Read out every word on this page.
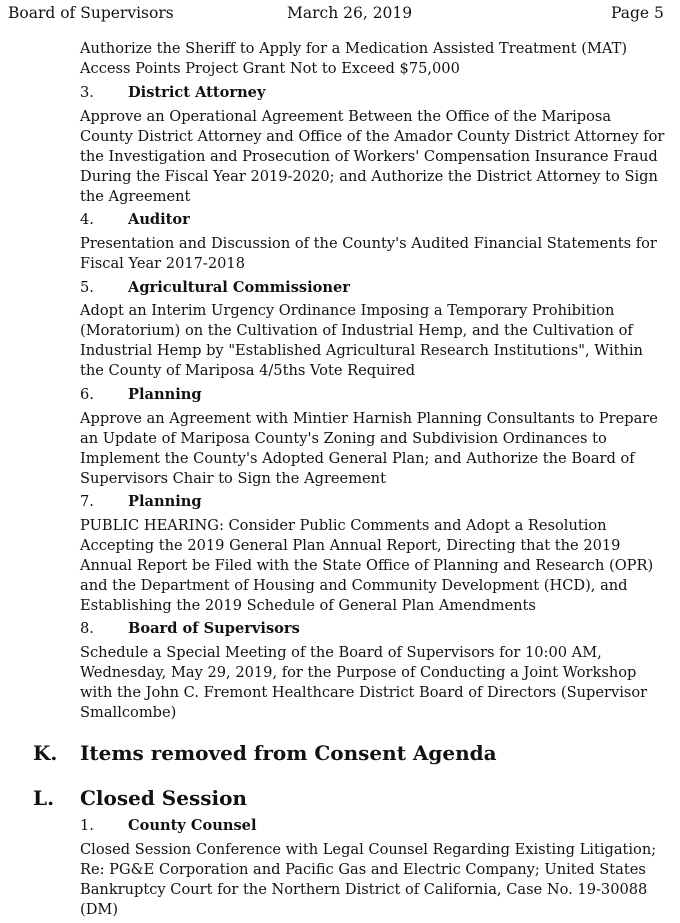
Board of Supervisors	March 26, 2019	Page 5
Authorize the Sheriff to Apply for a Medication Assisted Treatment (MAT) Access Points Project Grant Not to Exceed $75,000
3. District Attorney
Approve an Operational Agreement Between the Office of the Mariposa County District Attorney and Office of the Amador County District Attorney for the Investigation and Prosecution of Workers' Compensation Insurance Fraud During the Fiscal Year 2019-2020; and Authorize the District Attorney to Sign the Agreement
4. Auditor
Presentation and Discussion of the County's Audited Financial Statements for Fiscal Year 2017-2018
5. Agricultural Commissioner
Adopt an Interim Urgency Ordinance Imposing a Temporary Prohibition (Moratorium) on the Cultivation of Industrial Hemp, and the Cultivation of Industrial Hemp by "Established Agricultural Research Institutions", Within the County of Mariposa 4/5ths Vote Required
6. Planning
Approve an Agreement with Mintier Harnish Planning Consultants to Prepare an Update of Mariposa County's Zoning and Subdivision Ordinances to Implement the County's Adopted General Plan; and Authorize the Board of Supervisors Chair to Sign the Agreement
7. Planning
PUBLIC HEARING: Consider Public Comments and Adopt a Resolution Accepting the 2019 General Plan Annual Report, Directing that the 2019 Annual Report be Filed with the State Office of Planning and Research (OPR) and the Department of Housing and Community Development (HCD), and Establishing the 2019 Schedule of General Plan Amendments
8. Board of Supervisors
Schedule a Special Meeting of the Board of Supervisors for 10:00 AM, Wednesday, May 29, 2019, for the Purpose of Conducting a Joint Workshop with the John C. Fremont Healthcare District Board of Directors (Supervisor Smallcombe)
K. Items removed from Consent Agenda
L. Closed Session
1. County Counsel
Closed Session Conference with Legal Counsel Regarding Existing Litigation; Re: PG&E Corporation and Pacific Gas and Electric Company; United States Bankruptcy Court for the Northern District of California, Case No. 19-30088 (DM)
